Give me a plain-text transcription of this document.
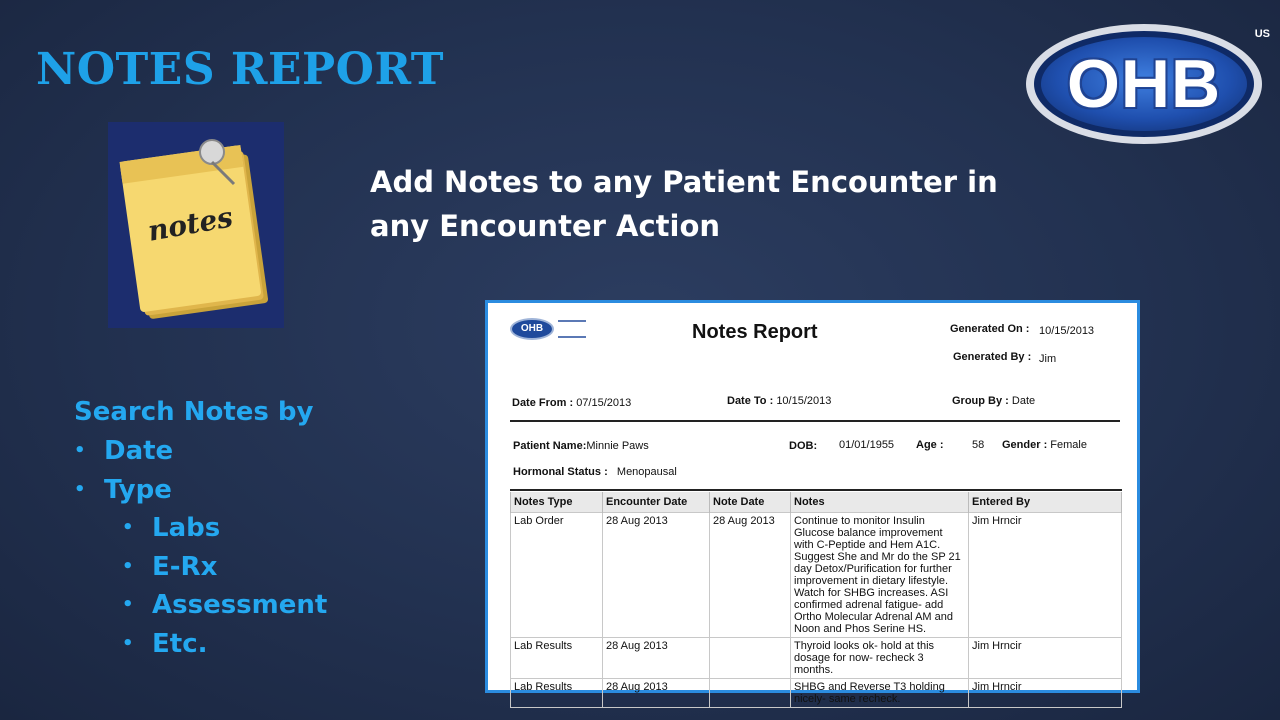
NOTES REPORT	OHB
US
notes

Add Notes to any Patient Encounter in any Encounter Action

Search Notes by

• Date
• Type
• Labs
• E-Rx
• Assessment
• Etc.
OHB	Notes Report	Generated On : 10/15/2013
Generated By : Jim
Date From : 07/15/2013	Date To : 10/15/2013	Group By : Date
Patient Name:Minnie Paws	DOB: 01/01/1955 Age :	58 Gender : Female
Hormonal Status : Menopausal
Notes Type	Encounter Date	Note Date	Notes	Entered By
Lab Order	28 Aug 2013	28 Aug 2013	Continue to monitor Insulin Glucose balance improvement with C-Peptide and Hem A1C. Suggest She and Mr do the SP 21 day Detox/Purification for further improvement in dietary lifestyle. Watch for SHBG increases. ASI confirmed adrenal fatigue- add Ortho Molecular Adrenal AM and Noon and Phos Serine HS.	Jim Hrncir
Lab Results	28 Aug 2013		Thyroid looks ok- hold at this dosage for now- recheck 3 months.	Jim Hrncir
Lab Results	28 Aug 2013		SHBG and Reverse T3 holding nicely- same recheck.	Jim Hrncir
